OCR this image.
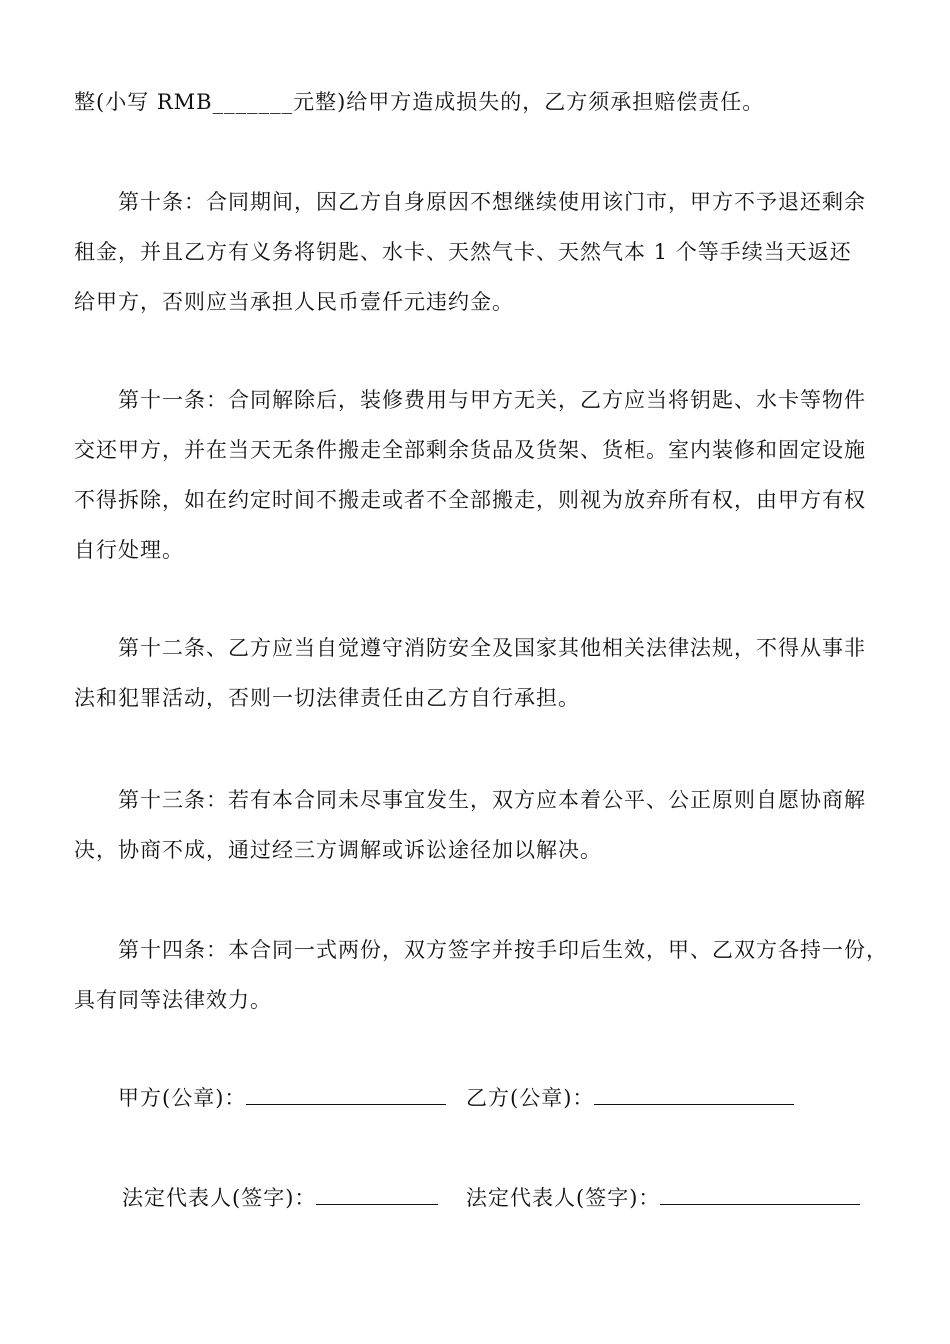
整(小写 RMB_______元整)给甲方造成损失的，乙方须承担赔偿责任。
第十条：合同期间，因乙方自身原因不想继续使用该门市，甲方不予退还剩余
租金，并且乙方有义务将钥匙、水卡、天然气卡、天然气本 1 个等手续当天返还
给甲方，否则应当承担人民币壹仟元违约金。
第十一条：合同解除后，装修费用与甲方无关，乙方应当将钥匙、水卡等物件
交还甲方，并在当天无条件搬走全部剩余货品及货架、货柜。室内装修和固定设施
不得拆除，如在约定时间不搬走或者不全部搬走，则视为放弃所有权，由甲方有权
自行处理。
第十二条、乙方应当自觉遵守消防安全及国家其他相关法律法规，不得从事非
法和犯罪活动，否则一切法律责任由乙方自行承担。
第十三条：若有本合同未尽事宜发生，双方应本着公平、公正原则自愿协商解
决，协商不成，通过经三方调解或诉讼途径加以解决。
第十四条：本合同一式两份，双方签字并按手印后生效，甲、乙双方各持一份，
具有同等法律效力。
甲方(公章)：	乙方(公章)：
法定代表人(签字)：	法定代表人(签字)：
